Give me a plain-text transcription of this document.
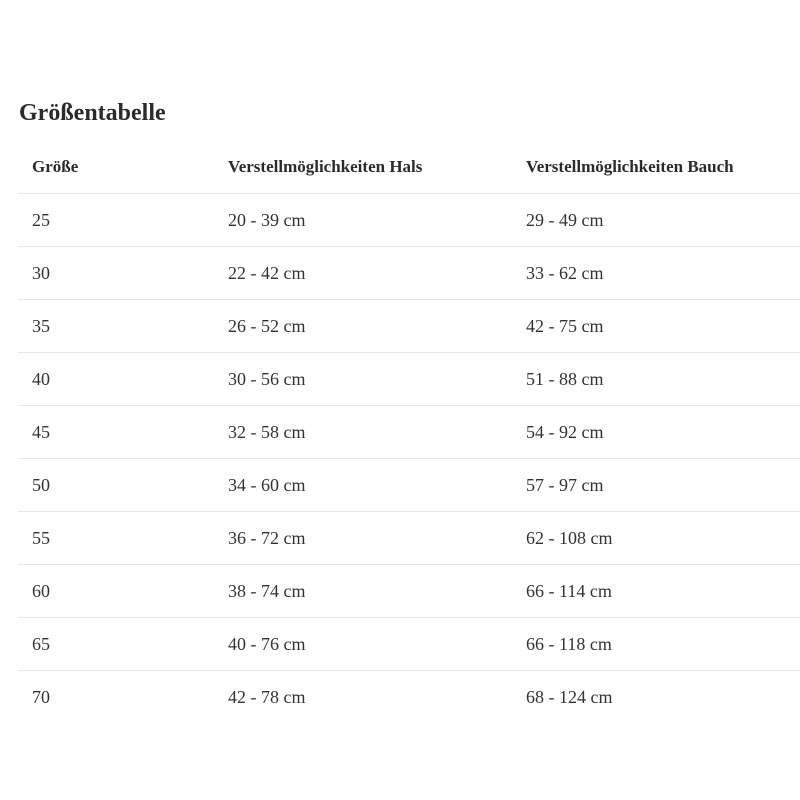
Größentabelle
Größe	Verstellmöglichkeiten Hals	Verstellmöglichkeiten Bauch
25	20 - 39 cm	29 - 49 cm
30	22 - 42 cm	33 - 62 cm
35	26 - 52 cm	42 - 75 cm
40	30 - 56 cm	51 - 88 cm
45	32 - 58 cm	54 - 92 cm
50	34 - 60 cm	57 - 97 cm
55	36 - 72 cm	62 - 108 cm
60	38 - 74 cm	66 - 114 cm
65	40 - 76 cm	66 - 118 cm
70	42 - 78 cm	68 - 124 cm
